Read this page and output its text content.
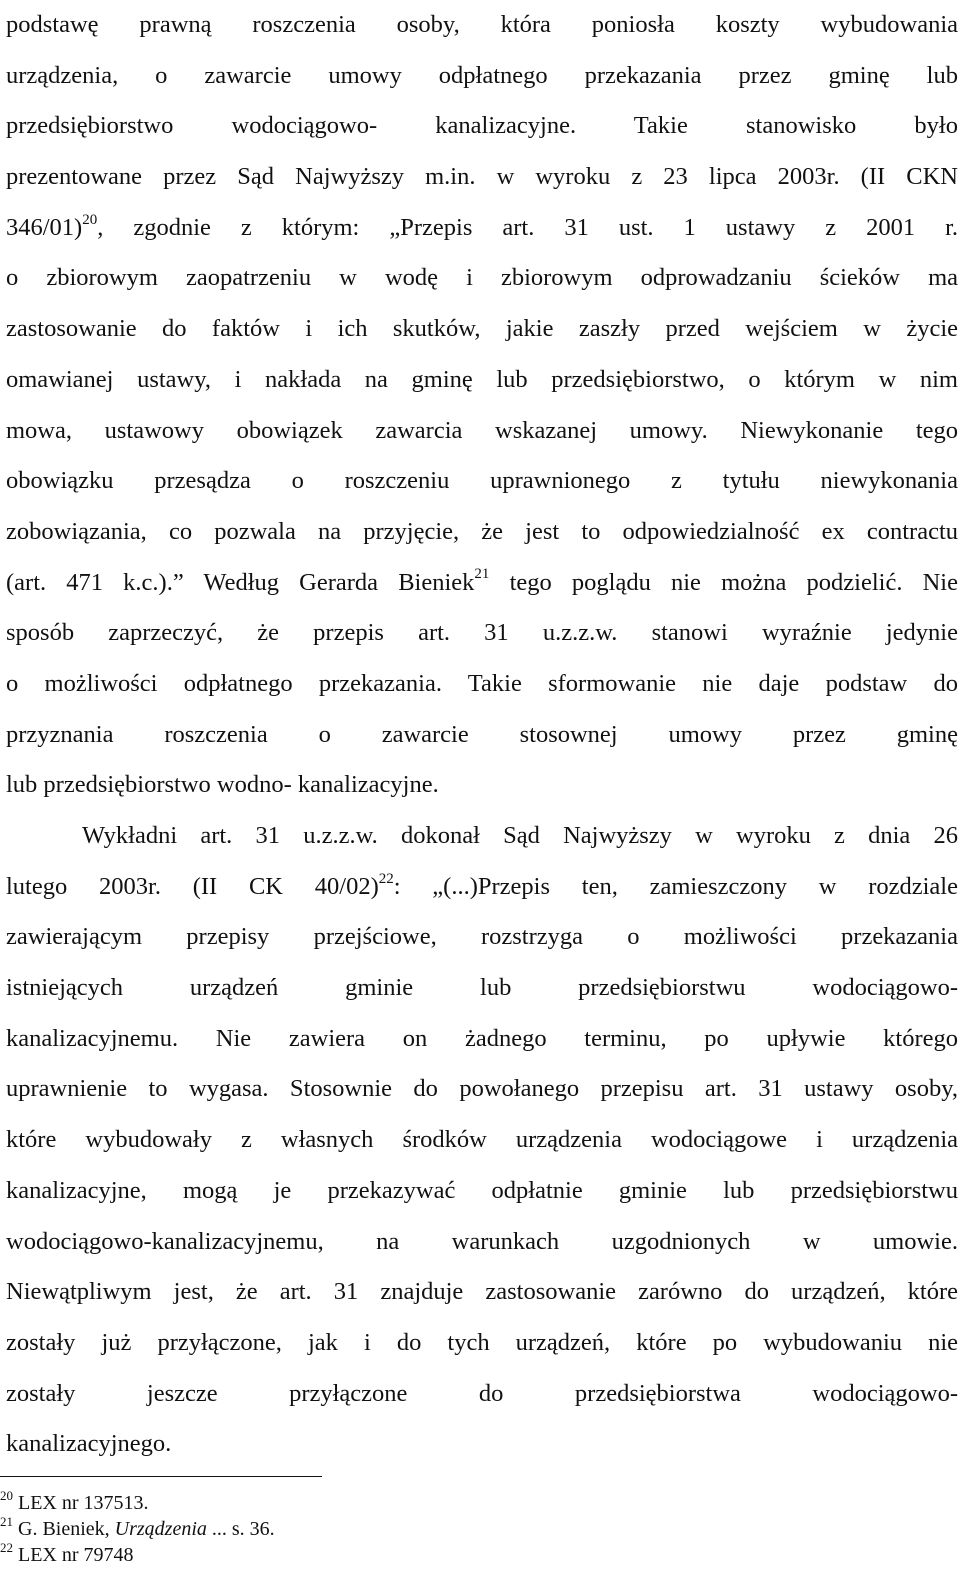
podstawę prawną roszczenia osoby, która poniosła koszty wybudowania
urządzenia, o zawarcie umowy odpłatnego przekazania przez gminę lub
przedsiębiorstwo wodociągowo- kanalizacyjne. Takie stanowisko było
prezentowane przez Sąd Najwyższy m.in. w wyroku z 23 lipca 2003r. (II CKN
346/01)$^{20}$, zgodnie z którym: „Przepis art. 31 ust. 1 ustawy z 2001 r.
o zbiorowym zaopatrzeniu w wodę i zbiorowym odprowadzaniu ścieków ma
zastosowanie do faktów i ich skutków, jakie zaszły przed wejściem w życie
omawianej ustawy, i nakłada na gminę lub przedsiębiorstwo, o którym w nim
mowa, ustawowy obowiązek zawarcia wskazanej umowy. Niewykonanie tego
obowiązku przesądza o roszczeniu uprawnionego z tytułu niewykonania
zobowiązania, co pozwala na przyjęcie, że jest to odpowiedzialność ex contractu
(art. 471 k.c.).” Według Gerarda Bieniek$^{21}$ tego poglądu nie można podzielić. Nie
sposób zaprzeczyć, że przepis art. 31 u.z.z.w. stanowi wyraźnie jedynie
o możliwości odpłatnego przekazania. Takie sformowanie nie daje podstaw do
przyznania roszczenia o zawarcie stosownej umowy przez gminę
lub przedsiębiorstwo wodno- kanalizacyjne.
Wykładni art. 31 u.z.z.w. dokonał Sąd Najwyższy w wyroku z dnia 26
lutego 2003r. (II CK 40/02)$^{22}$: „(...)Przepis ten, zamieszczony w rozdziale
zawierającym przepisy przejściowe, rozstrzyga o możliwości przekazania
istniejących urządzeń gminie lub przedsiębiorstwu wodociągowo-
kanalizacyjnemu. Nie zawiera on żadnego terminu, po upływie którego
uprawnienie to wygasa. Stosownie do powołanego przepisu art. 31 ustawy osoby,
które wybudowały z własnych środków urządzenia wodociągowe i urządzenia
kanalizacyjne, mogą je przekazywać odpłatnie gminie lub przedsiębiorstwu
wodociągowo-kanalizacyjnemu, na warunkach uzgodnionych w umowie.
Niewątpliwym jest, że art. 31 znajduje zastosowanie zarówno do urządzeń, które
zostały już przyłączone, jak i do tych urządzeń, które po wybudowaniu nie
zostały jeszcze przyłączone do przedsiębiorstwa wodociągowo-
kanalizacyjnego.
$^{20}$ LEX nr 137513.
$^{21}$ G. Bieniek, Urządzenia ... s. 36.
$^{22}$ LEX nr 79748
